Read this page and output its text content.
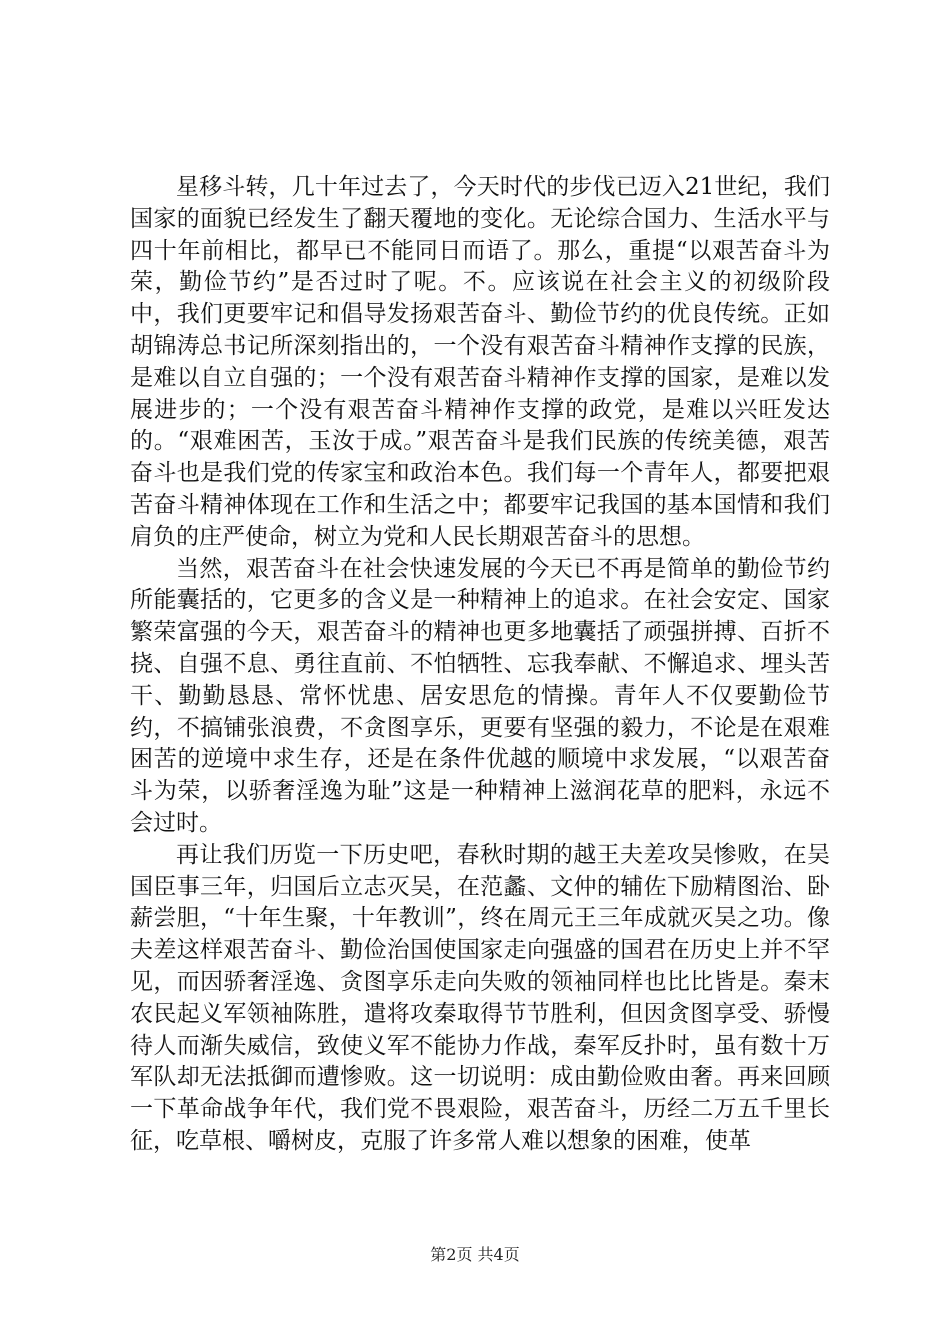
星移斗转，几十年过去了，今天时代的步伐已迈入21世纪，我们国家的面貌已经发生了翻天覆地的变化。无论综合国力、生活水平与四十年前相比，都早已不能同日而语了。那么，重提“以艰苦奋斗为荣，勤俭节约”是否过时了呢。不。应该说在社会主义的初级阶段中，我们更要牢记和倡导发扬艰苦奋斗、勤俭节约的优良传统。正如胡锦涛总书记所深刻指出的，一个没有艰苦奋斗精神作支撑的民族，是难以自立自强的；一个没有艰苦奋斗精神作支撑的国家，是难以发展进步的；一个没有艰苦奋斗精神作支撑的政党，是难以兴旺发达的。“艰难困苦，玉汝于成。”艰苦奋斗是我们民族的传统美德，艰苦奋斗也是我们党的传家宝和政治本色。我们每一个青年人，都要把艰苦奋斗精神体现在工作和生活之中；都要牢记我国的基本国情和我们肩负的庄严使命，树立为党和人民长期艰苦奋斗的思想。

当然，艰苦奋斗在社会快速发展的今天已不再是简单的勤俭节约所能囊括的，它更多的含义是一种精神上的追求。在社会安定、国家繁荣富强的今天，艰苦奋斗的精神也更多地囊括了顽强拼搏、百折不挠、自强不息、勇往直前、不怕牺牲、忘我奉献、不懈追求、埋头苦干、勤勤恳恳、常怀忧患、居安思危的情操。青年人不仅要勤俭节约，不搞铺张浪费，不贪图享乐，更要有坚强的毅力，不论是在艰难困苦的逆境中求生存，还是在条件优越的顺境中求发展，“以艰苦奋斗为荣，以骄奢淫逸为耻”这是一种精神上滋润花草的肥料，永远不会过时。

再让我们历览一下历史吧，春秋时期的越王夫差攻吴惨败，在吴国臣事三年，归国后立志灭吴，在范蠡、文仲的辅佐下励精图治、卧薪尝胆，“十年生聚，十年教训”，终在周元王三年成就灭吴之功。像夫差这样艰苦奋斗、勤俭治国使国家走向强盛的国君在历史上并不罕见，而因骄奢淫逸、贪图享乐走向失败的领袖同样也比比皆是。秦末农民起义军领袖陈胜，遣将攻秦取得节节胜利，但因贪图享受、骄慢待人而渐失威信，致使义军不能协力作战，秦军反扑时，虽有数十万军队却无法抵御而遭惨败。这一切说明：成由勤俭败由奢。再来回顾一下革命战争年代，我们党不畏艰险，艰苦奋斗，历经二万五千里长征，吃草根、嚼树皮，克服了许多常人难以想象的困难，使革

第2页 共4页
